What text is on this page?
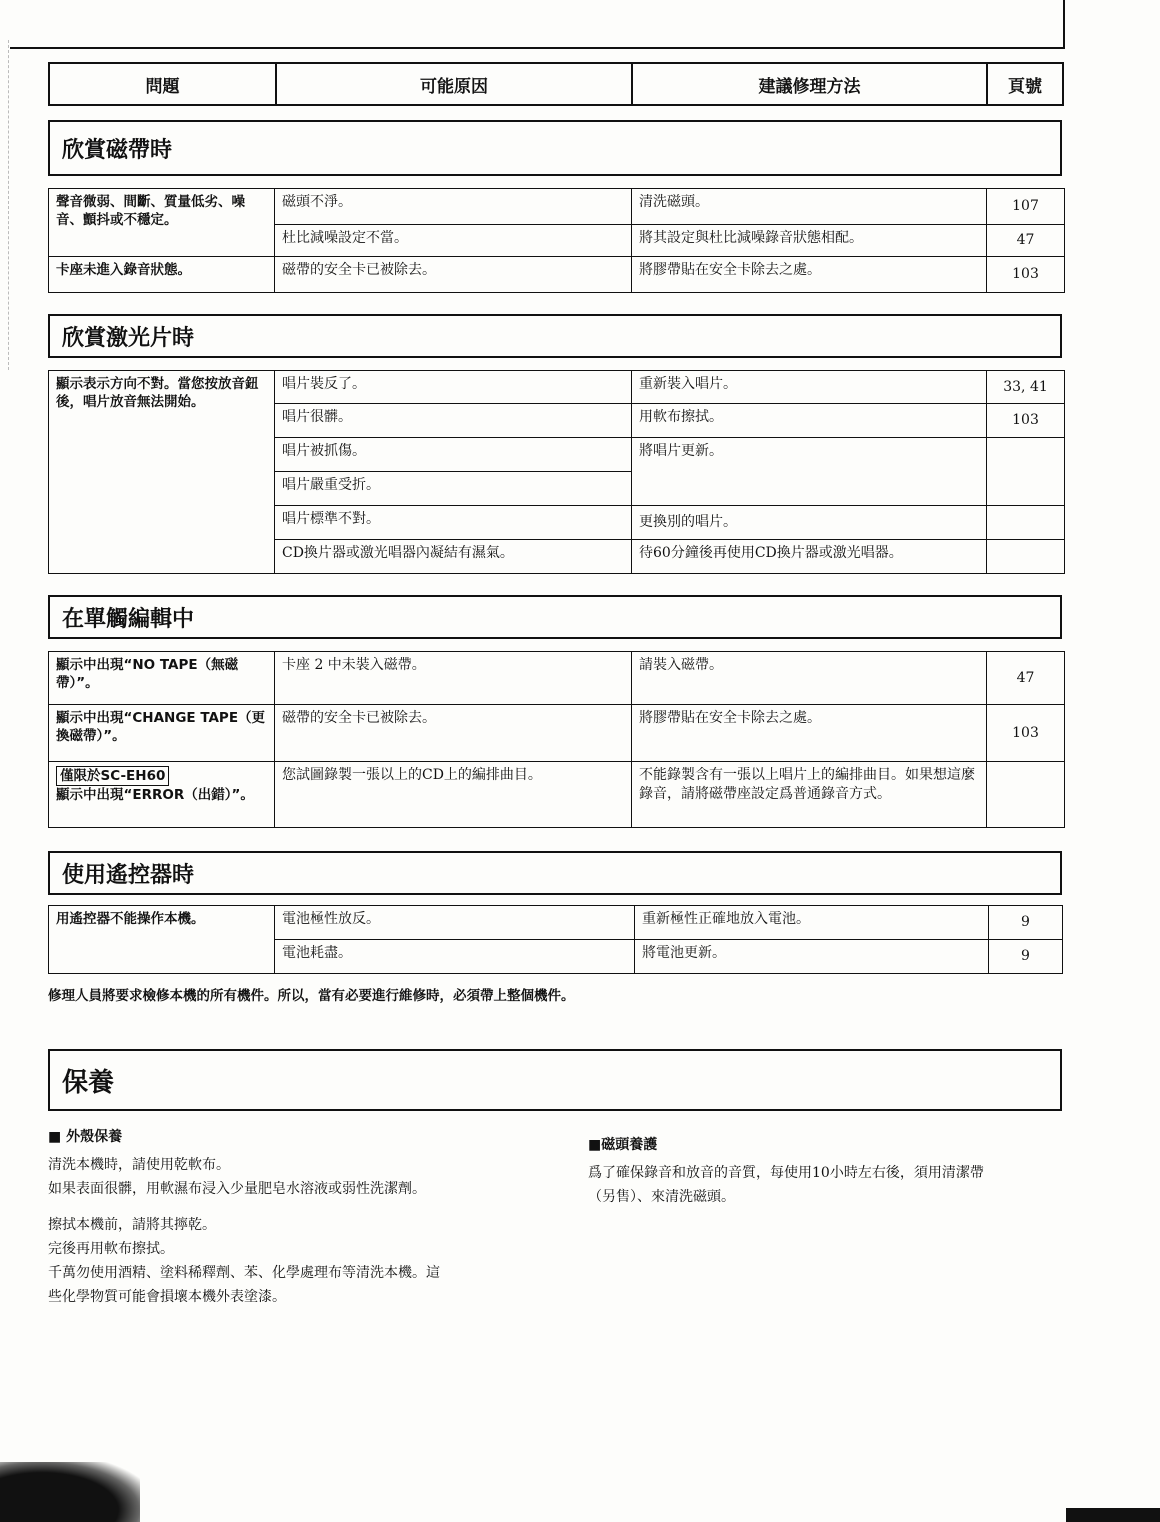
問題	可能原因	建議修理方法	頁號
欣賞磁帶時
聲音微弱、間斷、質量低劣、噪音、顫抖或不穩定。	磁頭不淨。	清洗磁頭。	107
	杜比減噪設定不當。	將其設定與杜比減噪錄音狀態相配。	47
卡座未進入錄音狀態。	磁帶的安全卡已被除去。	將膠帶貼在安全卡除去之處。	103
欣賞激光片時
顯示表示方向不對。當您按放音鈕後，唱片放音無法開始。	唱片裝反了。	重新裝入唱片。	33, 41
	唱片很髒。	用軟布擦拭。	103
	唱片被抓傷。	將唱片更新。	
	唱片嚴重受折。		
	唱片標準不對。	更換別的唱片。	
	CD換片器或激光唱器內凝結有濕氣。	待60分鐘後再使用CD換片器或激光唱器。	
在單觸編輯中
顯示中出現“NO TAPE（無磁帶）”。	卡座 2 中未裝入磁帶。	請裝入磁帶。	47
顯示中出現“CHANGE TAPE（更換磁帶）”。	磁帶的安全卡已被除去。	將膠帶貼在安全卡除去之處。	103
僅限於SC-EH60
顯示中出現“ERROR（出錯）”。	您試圖錄製一張以上的CD上的編排曲目。	不能錄製含有一張以上唱片上的編排曲目。如果想這麼錄音，請將磁帶座設定爲普通錄音方式。	
使用遙控器時
用遙控器不能操作本機。	電池極性放反。	重新極性正確地放入電池。	9
	電池耗盡。	將電池更新。	9
修理人員將要求檢修本機的所有機件。所以，當有必要進行維修時，必須帶上整個機件。
保養
■ 外殼保養
清洗本機時，請使用乾軟布。
如果表面很髒，用軟濕布浸入少量肥皂水溶液或弱性洗潔劑。
擦拭本機前，請將其擰乾。
完後再用軟布擦拭。
千萬勿使用酒精、塗料稀釋劑、苯、化學處理布等清洗本機。這
些化學物質可能會損壞本機外表塗漆。
■磁頭養護
爲了確保錄音和放音的音質，每使用10小時左右後，須用清潔帶
（另售）、來清洗磁頭。
